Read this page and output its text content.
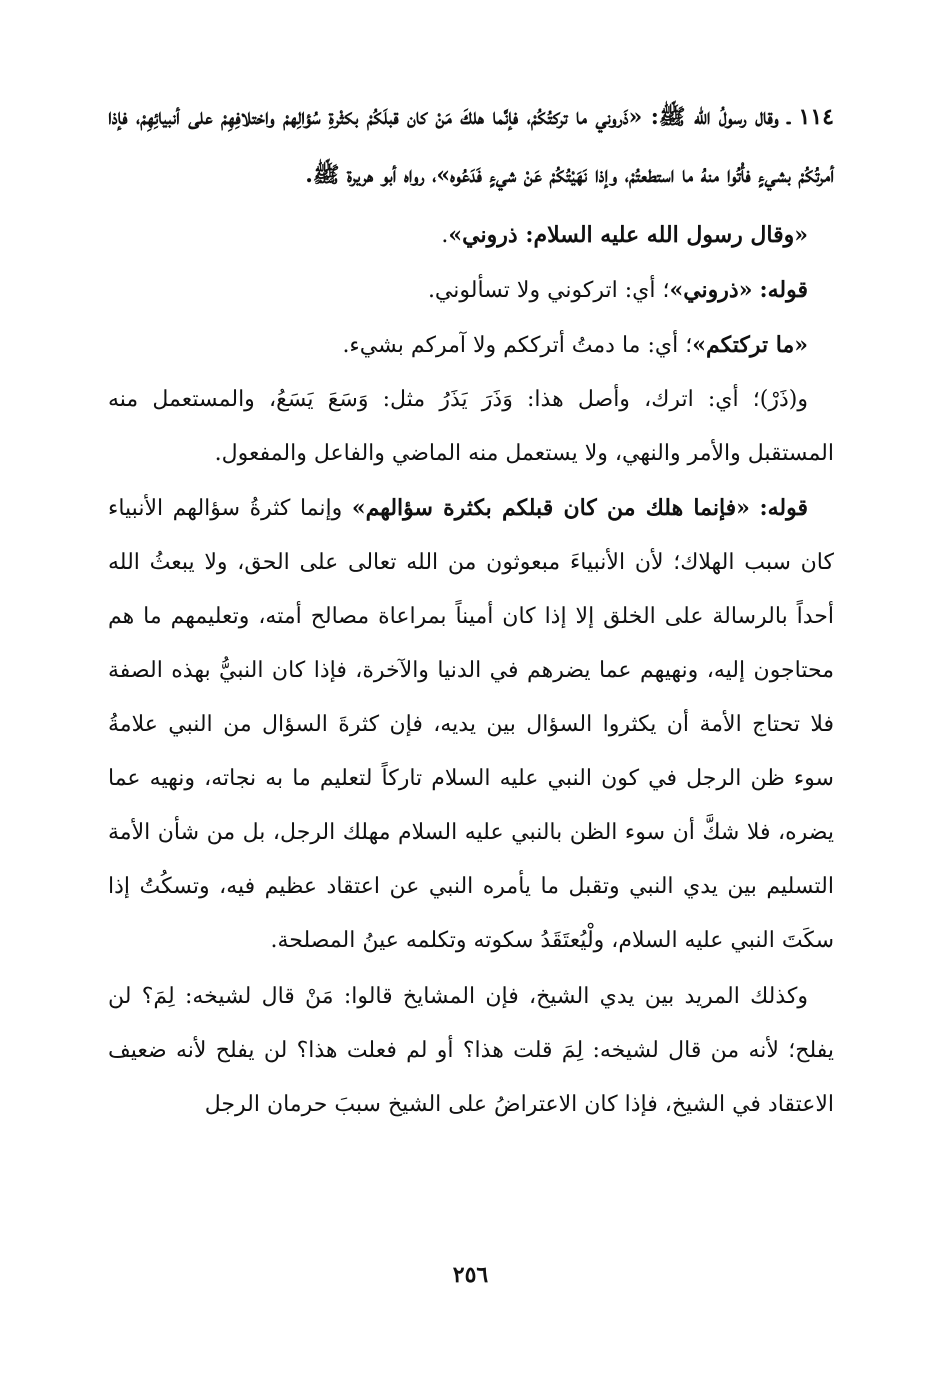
١١٤ ـ وقال رسولُ الله ﷺ: «ذَروني ما تركتُكُمْ، فإنَّما هلكَ مَنْ كان قبلَكُمْ بكثْرةِ سُؤالِهمْ واختلافِهِمْ على أنبيائِهِمْ، فإذا أمرتُكُمْ بشيءٍ فأْتُوا منهُ ما استطعتُمْ، وإذا نَهَيْتُكُمْ عَنْ شيءٍ فَدَعُوه»، رواه أبو هريرة ﷺ.

«وقال رسول الله عليه السلام: ذروني».

قوله: «ذروني»؛ أي: اتركوني ولا تسألوني.

«ما تركتكم»؛ أي: ما دمتُ أترككم ولا آمركم بشيء.

و(ذَرْ)؛ أي: اترك، وأصل هذا: وَذَرَ يَذَرُ مثل: وَسَعَ يَسَعُ، والمستعمل منه المستقبل والأمر والنهي، ولا يستعمل منه الماضي والفاعل والمفعول.

قوله: «فإنما هلك من كان قبلكم بكثرة سؤالهم» وإنما كثرةُ سؤالهم الأنبياء كان سبب الهلاك؛ لأن الأنبياءَ مبعوثون من الله تعالى على الحق، ولا يبعثُ الله أحداً بالرسالة على الخلق إلا إذا كان أميناً بمراعاة مصالح أمته، وتعليمهم ما هم محتاجون إليه، ونهيهم عما يضرهم في الدنيا والآخرة، فإذا كان النبيُّ بهذه الصفة فلا تحتاج الأمة أن يكثروا السؤال بين يديه، فإن كثرةَ السؤال من النبي علامةُ سوء ظن الرجل في كون النبي عليه السلام تاركاً لتعليم ما به نجاته، ونهيه عما يضره، فلا شكَّ أن سوء الظن بالنبي عليه السلام مهلك الرجل، بل من شأن الأمة التسليم بين يدي النبي وتقبل ما يأمره النبي عن اعتقاد عظيم فيه، وتسكُتُ إذا سكَتَ النبي عليه السلام، ولْيُعتَقَدُ سكوته وتكلمه عينُ المصلحة.

وكذلك المريد بين يدي الشيخ، فإن المشايخ قالوا: مَنْ قال لشيخه: لِمَ؟ لن يفلح؛ لأنه من قال لشيخه: لِمَ قلت هذا؟ أو لم فعلت هذا؟ لن يفلح لأنه ضعيف الاعتقاد في الشيخ، فإذا كان الاعتراضُ على الشيخ سببَ حرمان الرجل

٢٥٦
